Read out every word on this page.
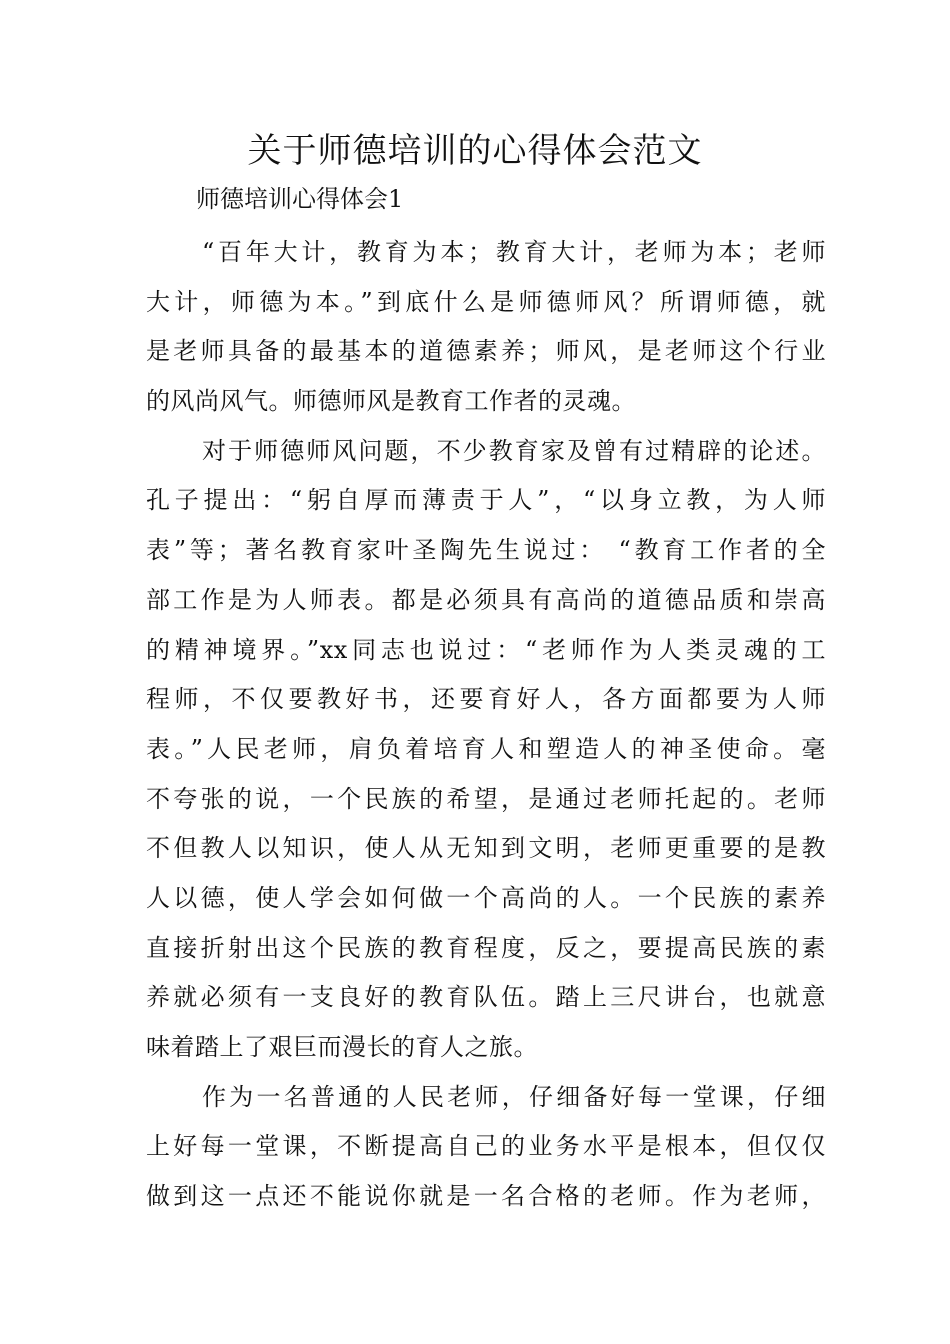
关于师德培训的心得体会范文

师德培训心得体会1

“百年大计，教育为本；教育大计，老师为本；老师
大计，师德为本。”到底什么是师德师风？所谓师德，就
是老师具备的最基本的道德素养；师风，是老师这个行业
的风尚风气。师德师风是教育工作者的灵魂。
对于师德师风问题，不少教育家及曾有过精辟的论述。
孔子提出：“躬自厚而薄责于人”，“以身立教，为人师
表”等；著名教育家叶圣陶先生说过： “教育工作者的全
部工作是为人师表。都是必须具有高尚的道德品质和崇高
的精神境界。”xx同志也说过：“老师作为人类灵魂的工
程师，不仅要教好书，还要育好人，各方面都要为人师
表。”人民老师，肩负着培育人和塑造人的神圣使命。毫
不夸张的说，一个民族的希望，是通过老师托起的。老师
不但教人以知识，使人从无知到文明，老师更重要的是教
人以德，使人学会如何做一个高尚的人。一个民族的素养
直接折射出这个民族的教育程度，反之，要提高民族的素
养就必须有一支良好的教育队伍。踏上三尺讲台，也就意
味着踏上了艰巨而漫长的育人之旅。
作为一名普通的人民老师，仔细备好每一堂课，仔细
上好每一堂课，不断提高自己的业务水平是根本，但仅仅
做到这一点还不能说你就是一名合格的老师。作为老师，
